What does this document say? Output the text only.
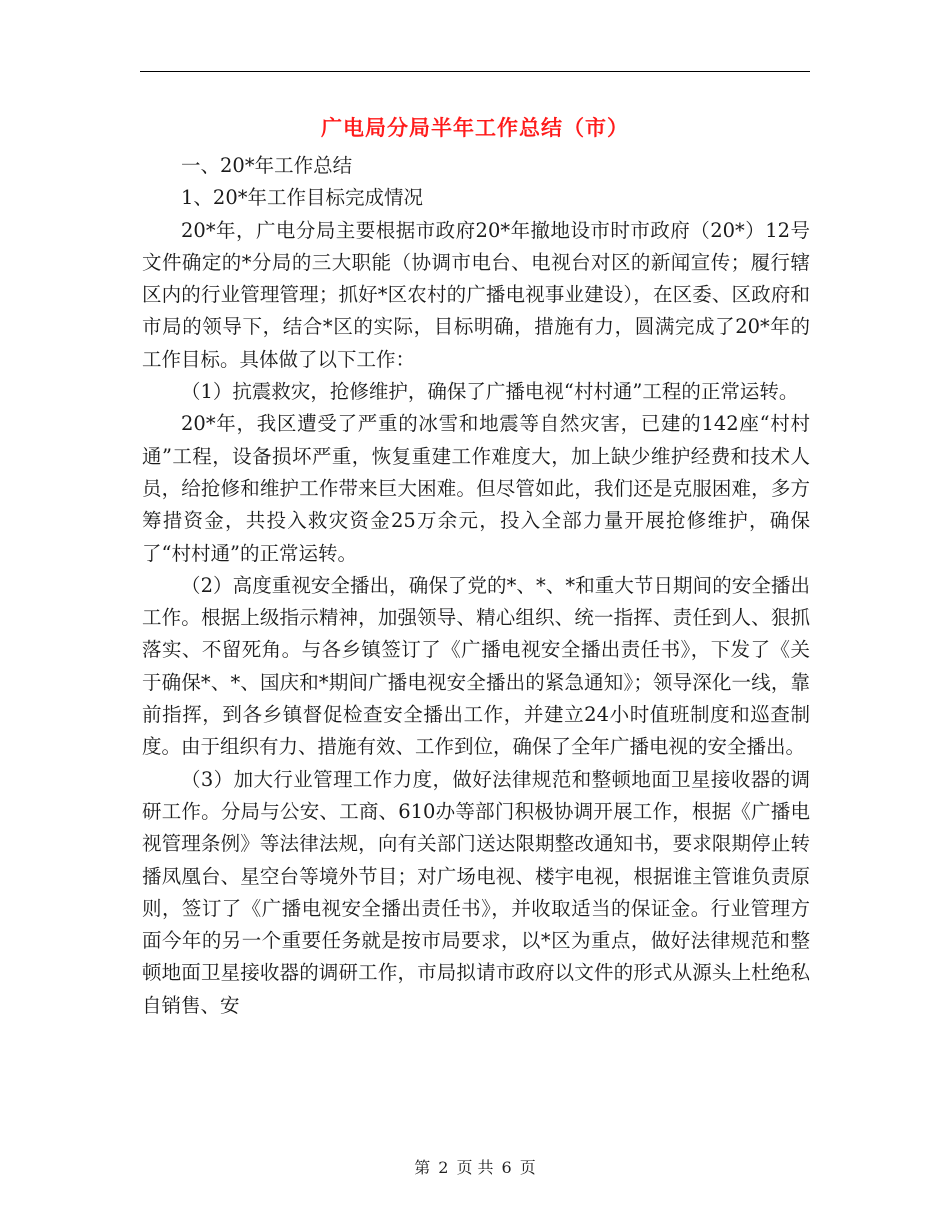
广电局分局半年工作总结（市）

一、20*年工作总结

1、20*年工作目标完成情况

20*年，广电分局主要根据市政府20*年撤地设市时市政府（20*）12号文件确定的*分局的三大职能（协调市电台、电视台对区的新闻宣传；履行辖区内的行业管理管理；抓好*区农村的广播电视事业建设），在区委、区政府和市局的领导下，结合*区的实际，目标明确，措施有力，圆满完成了20*年的工作目标。具体做了以下工作：

（1）抗震救灾，抢修维护，确保了广播电视“村村通”工程的正常运转。

20*年，我区遭受了严重的冰雪和地震等自然灾害，已建的142座“村村通”工程，设备损坏严重，恢复重建工作难度大，加上缺少维护经费和技术人员，给抢修和维护工作带来巨大困难。但尽管如此，我们还是克服困难，多方筹措资金，共投入救灾资金25万余元，投入全部力量开展抢修维护，确保了“村村通”的正常运转。

（2）高度重视安全播出，确保了党的*、*、*和重大节日期间的安全播出工作。根据上级指示精神，加强领导、精心组织、统一指挥、责任到人、狠抓落实、不留死角。与各乡镇签订了《广播电视安全播出责任书》，下发了《关于确保*、*、国庆和*期间广播电视安全播出的紧急通知》；领导深化一线，靠前指挥，到各乡镇督促检查安全播出工作，并建立24小时值班制度和巡查制度。由于组织有力、措施有效、工作到位，确保了全年广播电视的安全播出。

（3）加大行业管理工作力度，做好法律规范和整顿地面卫星接收器的调研工作。分局与公安、工商、610办等部门积极协调开展工作，根据《广播电视管理条例》等法律法规，向有关部门送达限期整改通知书，要求限期停止转播凤凰台、星空台等境外节目；对广场电视、楼宇电视，根据谁主管谁负责原则，签订了《广播电视安全播出责任书》，并收取适当的保证金。行业管理方面今年的另一个重要任务就是按市局要求，以*区为重点，做好法律规范和整顿地面卫星接收器的调研工作，市局拟请市政府以文件的形式从源头上杜绝私自销售、安

第 2 页 共 6 页
